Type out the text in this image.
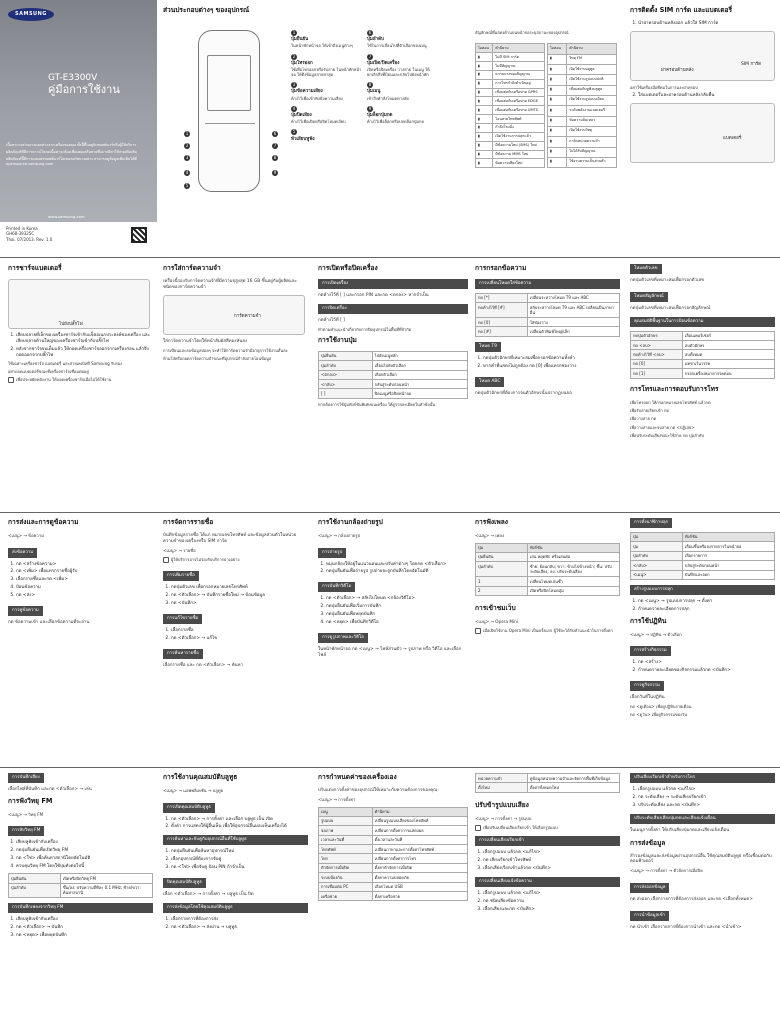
SAMSUNG
GT-E3300V
คู่มือการใช้งาน
เนื้อหาบางส่วนอาจแตกต่างจากเครื่องของคุณ ทั้งนี้ขึ้นอยู่กับซอฟต์แวร์หรือผู้ให้บริการ
ผลิตภัณฑ์ที่มีการดาวน์โหลดเนื้อหาจะต้องเชื่อมต่อเครือข่ายซึ่งอาจมีค่าใช้จ่ายเพิ่มเติม
ผลิตภัณฑ์นี้มีการเผยแพร่ซอฟต์แวร์โอเพนซอร์สบางอย่าง สามารถดูข้อมูลเพิ่มเติมได้ที่ opensource.samsung.com
www.samsung.com
Printed in Korea
GH68-39325C
Thai. 07/2013. Rev. 1.0
ส่วนประกอบต่างๆ ของอุปกรณ์
1
2
3
4
5
6
7
8
9
1
ปุ่มยืนยัน
ในหน้าพักหน้าจอ ให้เข้าถึงเมนูต่างๆ
2
ปุ่มโทรออก
ใช้เพื่อโทรออกหรือรับสาย ในหน้าพักหน้าจอ ให้ดึงข้อมูลสายล่าสุด
3
ปุ่มข้อความเสียง
ค้างไว้เพื่อเข้าฟังข้อความเสียง
4
ปุ่มปิดเสียง
ค้างไว้เพื่อเปิดหรือปิดโหมดเงียบ
5
หัวเสียบหูฟัง
6
ปุ่มลำดับ
ใช้ในการเลื่อนไปที่ตัวเลือกของเมนู
7
ปุ่มเปิด/ปิดเครื่อง
เปิดหรือปิดเครื่อง วางสาย ในเมนู ให้ยกเลิกสิ่งที่ป้อนและกลับไปยังหน้าพัก
8
ปุ่มเมนู
เข้าถึงคำสั่งโหมดทางลัด
9
ปุ่มล็อกปุ่มกด
ค้างไว้เพื่อล็อกหรือปลดล็อกปุ่มกด
สัญลักษณ์ที่แสดงด้านบนหน้าจอระบุสถานะของอุปกรณ์
ไอคอน	คำนิยาม
▮	ไม่มี SIM การ์ด
▮	ไม่มีสัญญาณ
▮	ความแรงของสัญญาณ
▮	การโทรกำลังดำเนินอยู่
▮	เชื่อมต่อกับเครือข่าย GPRS
▮	เชื่อมต่อกับเครือข่าย EDGE
▮	เชื่อมต่อกับเครือข่าย UMTS
▮	โอนสายโทรศัพท์
▮	กำลังโรมมิ่ง
▮	เปิดใช้งานการปลุกแล้ว
▮	มีข้อความใหม่ (SMS) ใหม่
▮	มีข้อความ MMS ใหม่
▮	ข้อความเสียงใหม่
ไอคอน	คำนิยาม
▮	วิทยุ FM
▮	เปิดใช้งานบลูทูธ
▮	เปิดใช้งานรูปแบบปกติ
▮	เชื่อมต่อกับหูฟังบลูทูธ
▮	เปิดใช้งานรูปแบบเงียบ
▮	ระดับพลังงานแบตเตอรี่
▮	ข้อความล้มเหลว
▮	เปิดใช้งานวิทยุ
▮	การ์ดหน่วยความจำ
▮	ไม่ได้รับสัญญาณ
▮	ใช้งานความเป็นส่วนตัว
การติดตั้ง SIM การ์ด และแบตเตอรี่
1. นำฝาครอบด้านหลังออก แล้วใส่ SIM การ์ด
ฝาครอบด้านหลัง
SIM การ์ด
อย่าใช้เครื่องมือที่คมในการแงะฝาครอบ
2. ใส่แบตเตอรี่และฝาครอบด้านหลังกลับคืน
แบตเตอรี่
การชาร์จแบตเตอรี่
ไปยังปลั๊กไฟ
1. เสียบปลายที่เล็กของเครื่องชาร์จเข้ากับแจ็คอเนกประสงค์ของเครื่อง และเสียบปลายด้านใหญ่ของเครื่องชาร์จเข้ากับปลั๊กไฟ
2. หลังจากชาร์จจนเต็มแล้ว ให้ถอดเครื่องชาร์จออกจากเครื่องก่อน แล้วจึงถอดออกจากปลั๊กไฟ
ใช้เฉพาะเครื่องชาร์จ แบตเตอรี่ และสายเคเบิลที่ Samsung รับรอง
อย่าถอดแบตเตอรี่ขณะที่เครื่องชาร์จเชื่อมต่ออยู่
เพื่อประหยัดพลังงาน ให้ถอดเครื่องชาร์จเมื่อไม่ได้ใช้งาน
การใส่การ์ดความจำ
เครื่องนี้รองรับการ์ดความจำที่มีความจุสูงสุด 16 GB ขึ้นอยู่กับผู้ผลิตและชนิดของการ์ดความจำ
การ์ดความจำ
ใส่การ์ดความจำโดยให้หน้าสัมผัสสีทองหันลง
การเขียนและลบข้อมูลบ่อยๆ จะทำให้การ์ดความจำมีอายุการใช้งานสั้นลง
ห้ามใส่หรือถอดการ์ดความจำขณะที่อุปกรณ์กำลังถ่ายโอนข้อมูล
การเปิดหรือปิดเครื่อง
การเปิดเครื่อง
กดค้างไว้ที่ [ ] และกรอก PIN และกด <ตกลง> หากจำเป็น
การปิดเครื่อง
กดค้างไว้ที่ [ ]
ทำตามคำแนะนำเกี่ยวกับการปิดอุปกรณ์ในพื้นที่ที่จำกัด
การใช้งานปุ่ม
ปุ่มยืนยัน	ไปยังเมนูหลัก
ปุ่มลำดับ	เลื่อนไปยังตัวเลือก
<ตกลง>	เลือกตัวเลือก
<กลับ>	กลับสู่ระดับก่อนหน้า
[ ]	ปิดเมนูหรือปิดหน้าจอ
หากต้องการใช้ปุ่มฟังก์ชันพิเศษบนเครื่อง ให้ดูรายละเอียดในหัวข้อนั้น
การกรอกข้อความ
การเปลี่ยนโหมดใส่ข้อความ
กด [*]	เปลี่ยนระหว่างโหมด T9 และ ABC
กดค้างไว้ที่ [#]	สลับระหว่างโหมด T9 และ ABC เปลี่ยนเป็นภาษาอื่น
กด [0]	ใส่ช่องว่าง
กด [#]	เปลี่ยนตัวพิมพ์ใหญ่/เล็ก
โหมด T9
1. กดปุ่มตัวอักษรที่เหมาะสมเพื่อกรอกข้อความทั้งคำ
2. หากคำที่แสดงไม่ถูกต้อง กด [0] เพื่อแทรกช่องว่าง
โหมด ABC
กดปุ่มตัวอักษรที่ต้องการจนตัวอักษรนั้นปรากฏบนจอ
โหมดตัวเลข
กดปุ่มตัวเลขที่เหมาะสมเพื่อกรอกตัวเลข
โหมดสัญลักษณ์
กดปุ่มตัวเลขที่เหมาะสมเพื่อกรอกสัญลักษณ์
คุณสมบัติพื้นฐานในการป้อนข้อความ
กดปุ่มตัวอักษร	เลื่อนเคอร์เซอร์
กด <ลบ>	ลบตัวอักษร
กดค้างไว้ที่ <ลบ>	ลบทั้งหมด
กด [0]	แทรกเว้นวรรค
กด [1]	กรอกเครื่องหมายวรรคตอน
การโทรและการตอบรับการโทร
เพื่อโทรออก ให้กรอกหมายเลขโทรศัพท์ แล้วกด
เพื่อรับสายเรียกเข้า กด
เพื่อวางสาย กด
เพื่อวางสายและจบสาย กด <ปฏิเสธ>
เพื่อปรับระดับเสียงขณะใช้สาย กด ปุ่มลำดับ
การส่งและการดูข้อความ
<เมนู> → ข้อความ
ส่งข้อความ
1. กด <สร้างข้อความ>
2. กด <เพิ่ม> เพื่อแทรกรายชื่อผู้รับ
3. เลือกรายชื่อและกด <เพิ่ม>
4. ป้อนข้อความ
5. กด <ส่ง>
การดูข้อความ
กด ข้อความเข้า และเลือกข้อความที่จะอ่าน
การจัดการรายชื่อ
บันทึกข้อมูลรายชื่อ ได้แก่ หมายเลขโทรศัพท์ และข้อมูลส่วนตัวในหน่วยความจำของเครื่องหรือ SIM การ์ด
<เมนู> → รายชื่อ
ผู้ให้บริการอาจไม่รองรับบริการบางอย่าง
การเพิ่มรายชื่อ
1. กดปุ่มตัวเลข เพื่อกรอกหมายเลขโทรศัพท์
2. กด <ตัวเลือก> → บันทึกรายชื่อใหม่ → ป้อนข้อมูล
3. กด <บันทึก>
การแก้ไขรายชื่อ
1. เลือกรายชื่อ
2. กด <ตัวเลือก> → แก้ไข
การค้นหารายชื่อ
เลือกรายชื่อ และ กด <ตัวเลือก> → ค้นหา
การใช้งานกล้องถ่ายรูป
<เมนู> → กล้องถ่ายรูป
การถ่ายรูป
1. หมุนกล้องให้อยู่ในแนวนอนและปรับค่าต่างๆ โดยกด <ตัวเลือก>
2. กดปุ่มยืนยันเพื่อถ่ายรูป รูปถ่ายจะถูกบันทึกโดยอัตโนมัติ
การบันทึกวิดีโอ
1. กด <ตัวเลือก> → สลับไปโหมด <กล้องวิดีโอ>
2. กดปุ่มยืนยันเพื่อเริ่มการบันทึก
3. กดปุ่มยืนยันเพื่อหยุดบันทึก
4. กด <หยุด> เพื่อบันทึกวิดีโอ
การดูรูปภาพและวิดีโอ
ในหน้าพักหน้าจอ กด <เมนู> → ไฟล์ส่วนตัว → รูปภาพ หรือ วิดีโอ และเลือกไฟล์
การฟังเพลง
<เมนู> → เพลง
ปุ่ม	ฟังก์ชัน
ปุ่มยืนยัน	เล่น หยุดพัก หรือเล่นต่อ
ปุ่มลำดับ	ซ้าย: ย้อนกลับ; ขวา: ข้ามไปข้างหน้า; ขึ้น: ปรับระดับเสียง; ลง: ปรับระดับเสียง
1	เปลี่ยนโหมดเล่นซ้ำ
2	เปิดหรือปิดโหมดสุ่ม
การเข้าชมเว็บ
<เมนู> → Opera Mini
เมื่อเปิดใช้งาน Opera Mini เป็นครั้งแรก ผู้ใช้จะได้รับคำแนะนำในการตั้งค่า
การตั้งนาฬิกาปลุก
ปุ่ม	ฟังก์ชัน
ปุ่ม	เลื่อนขึ้นหรือลงรายการในหน้าจอ
ปุ่มลำดับ	เลือกรายการ
<กลับ>	กลับสู่ระดับก่อนหน้า
<เมนู>	บันทึกและออก
สร้างรูปแบบการปลุก
1. กด <เมนู> → รูปแบบการปลุก → ตั้งค่า
2. กำหนดรายละเอียดการปลุก
การใช้ปฏิทิน
<เมนู> → ปฏิทิน → ตัวเลือก
การสร้างกิจกรรม
1. กด <สร้าง>
2. กำหนดรายละเอียดของกิจกรรมแล้วกด <บันทึก>
การดูกิจกรรม
เลือกวันที่ในปฏิทิน
กด <ดูเดือน> เพื่อดูปฏิทินรายเดือน
กด <ดูวัน> เพื่อดูกิจกรรมของวัน
การบันทึกเสียง
เลือกไฟล์ที่บันทึก และกด <ตัวเลือก> → เล่น
การฟังวิทยุ FM
<เมนู> → วิทยุ FM
การฟังวิทยุ FM
1. เสียบหูฟังเข้ากับเครื่อง
2. กดปุ่มยืนยันเพื่อเปิดวิทยุ FM
3. กด <ใช่> เพื่อค้นหาสถานีโดยอัตโนมัติ
4. ควบคุมวิทยุ FM โดยใช้ปุ่มดังต่อไปนี้
ปุ่มยืนยัน	เปิดหรือปิดวิทยุ FM
ปุ่มลำดับ	ขึ้น/ลง: ปรับความถี่ทีละ 0.1 MHz; ซ้าย/ขวา: ค้นหาสถานี
การบันทึกเพลงจากวิทยุ FM
1. เสียบหูฟังเข้ากับเครื่อง
2. กด <ตัวเลือก> → บันทึก
3. กด <หยุด> เพื่อหยุดบันทึก
การใช้งานคุณสมบัติบลูทูธ
<เมนู> → แอพพลิเคชัน → บลูทูธ
การเปิดคุณสมบัติบลูทูธ
1. กด <ตัวเลือก> → การตั้งค่า และเลือก บลูทูธ เป็น เปิด
2. ตั้งค่า การแสดงให้ผู้อื่นเห็น เพื่อให้อุปกรณ์อื่นมองเห็นเครื่องได้
การค้นหาและจับคู่กับอุปกรณ์อื่นที่ใช้บลูทูธ
1. กดปุ่มยืนยันเพื่อค้นหาอุปกรณ์ใหม่
2. เลือกอุปกรณ์ที่ต้องการจับคู่
3. กด <ใช่> เพื่อจับคู่ ป้อน PIN ถ้าจำเป็น
ปิดคุณสมบัติบลูทูธ
เลือก <ตัวเลือก> → การตั้งค่า → บลูทูธ เป็น ปิด
การส่งข้อมูลโดยใช้คุณสมบัติบลูทูธ
1. เลือกรายการที่ต้องการส่ง
2. กด <ตัวเลือก> → ส่งผ่าน → บลูทูธ
การกำหนดค่าของเครื่องเอง
ปรับแต่งการตั้งค่าของอุปกรณ์ให้เหมาะกับความต้องการของคุณ
<เมนู> → การตั้งค่า
เมนู	คำนิยาม
รูปแบบ	เปลี่ยนรูปแบบเสียงของโทรศัพท์
จอภาพ	เปลี่ยนการตั้งค่าการแสดงผล
เวลาและวันที่	ตั้งเวลาและวันที่
โทรศัพท์	เปลี่ยนภาษาและการตั้งค่าโทรศัพท์
โทร	เปลี่ยนการตั้งค่าการโทร
ตัวจัดการเมื่อปิด	ตั้งค่าตัวจัดการเมื่อปิด
ระบบป้องกัน	ตั้งค่าความปลอดภัย
การเชื่อมต่อ PC	เลือกโหมด USB
เครือข่าย	ตั้งค่าเครือข่าย
หน่วยความจำ	ดูข้อมูลหน่วยความจำและจัดการพื้นที่เก็บข้อมูล
ตั้งใหม่	ตั้งค่าทั้งหมดใหม่
ปรับข้ารูปแบบเสียง
<เมนู> → การตั้งค่า → รูปแบบ
เพื่อปรับเปลี่ยนเสียงเรียกเข้า ให้เลือกรูปแบบ
การเปลี่ยนเสียงเรียกเข้า
1. เลือกรูปแบบ แล้วกด <แก้ไข>
2. กด เสียงเรียกเข้าโทรศัพท์
3. เลือกเสียงเรียกเข้าแล้วกด <บันทึก>
การเปลี่ยนเสียงแจ้งข้อความ
1. เลือกรูปแบบ แล้วกด <แก้ไข>
2. กด ชนิดเสียงข้อความ
3. เลือกเสียงและกด <บันทึก>
ปรับเสียงเรียกเข้าสำหรับการโทร
1. เลือกรูปแบบ แล้วกด <แก้ไข>
2. กด ระดับเสียง → ระดับเสียงเรียกเข้า
3. ปรับระดับเสียง และกด <บันทึก>
ปรับระดับเสียงเสียงปุ่มกดและเสียงแจ้งเตือน
ในเมนูการตั้งค่า ให้ปรับเสียงปุ่มกดและเสียงแจ้งเตือน
การส่งข้อมูล
สำรองข้อมูลและส่งข้อมูลผ่านอุปกรณ์อื่น ใช้คุณสมบัติบลูทูธ หรือเชื่อมต่อกับคอมพิวเตอร์
<เมนู> → การตั้งค่า → ตัวจัดการเมื่อปิด
การส่งออกข้อมูล
กด ส่งออก เลือกรายการที่ต้องการส่งออก และกด <เลือกทั้งหมด>
การนำข้อมูลเข้า
กด นำเข้า เลือกรายการที่ต้องการนำเข้า และกด <นำเข้า>
